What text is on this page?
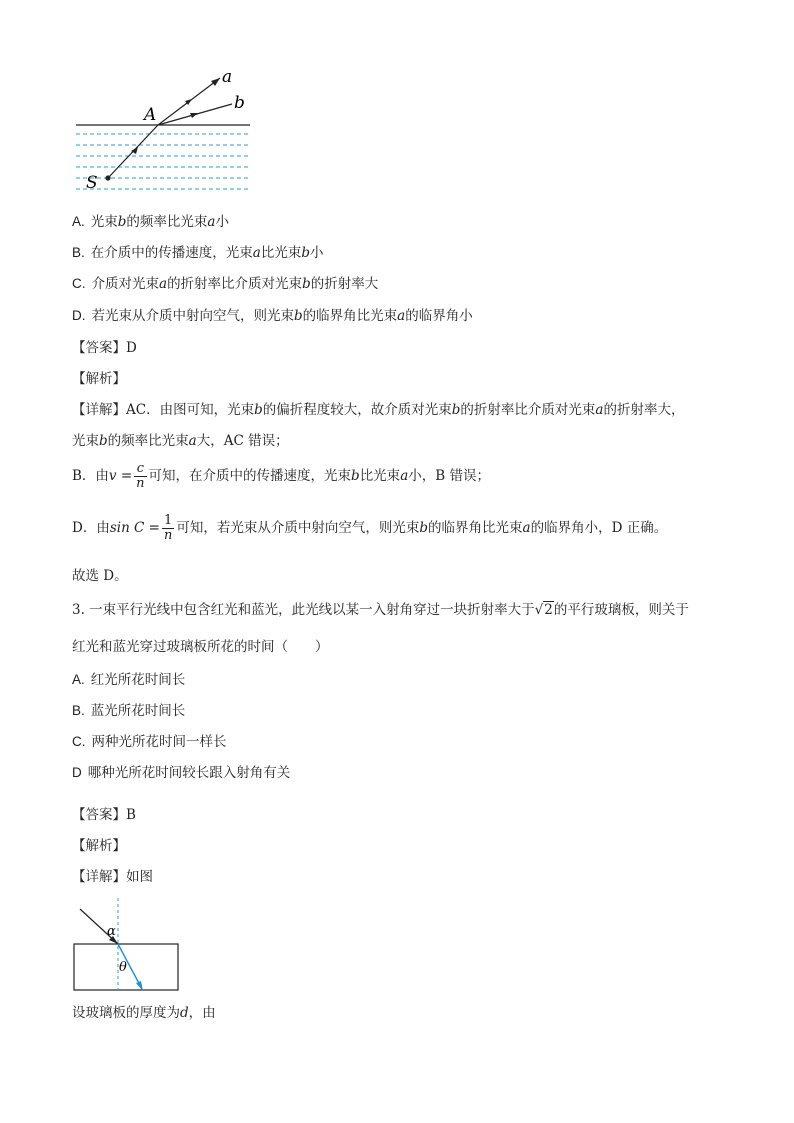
a
b
A
S
A. 光束b的频率比光束a小
B. 在介质中的传播速度，光束a比光束b小
C. 介质对光束a的折射率比介质对光束b的折射率大
D. 若光束从介质中射向空气，则光束b的临界角比光束a的临界角小
【答案】D
【解析】
【详解】AC．由图可知，光束b的偏折程度较大，故介质对光束b的折射率比介质对光束a的折射率大，
光束b的频率比光束a大，AC 错误；
B．由$v = \frac{c}{n}$ 可知，在介质中的传播速度，光束b比光束a小，B 错误；
D．由$\sin C = \frac{1}{n}$ 可知，若光束从介质中射向空气，则光束b的临界角比光束a的临界角小，D 正确。
故选 D。
3. 一束平行光线中包含红光和蓝光，此光线以某一入射角穿过一块折射率大于√2的平行玻璃板，则关于
红光和蓝光穿过玻璃板所花的时间（　　）
A. 红光所花时间长
B. 蓝光所花时间长
C. 两种光所花时间一样长
D 哪种光所花时间较长跟入射角有关
【答案】B
【解析】
【详解】如图
α
θ
设玻璃板的厚度为d，由
